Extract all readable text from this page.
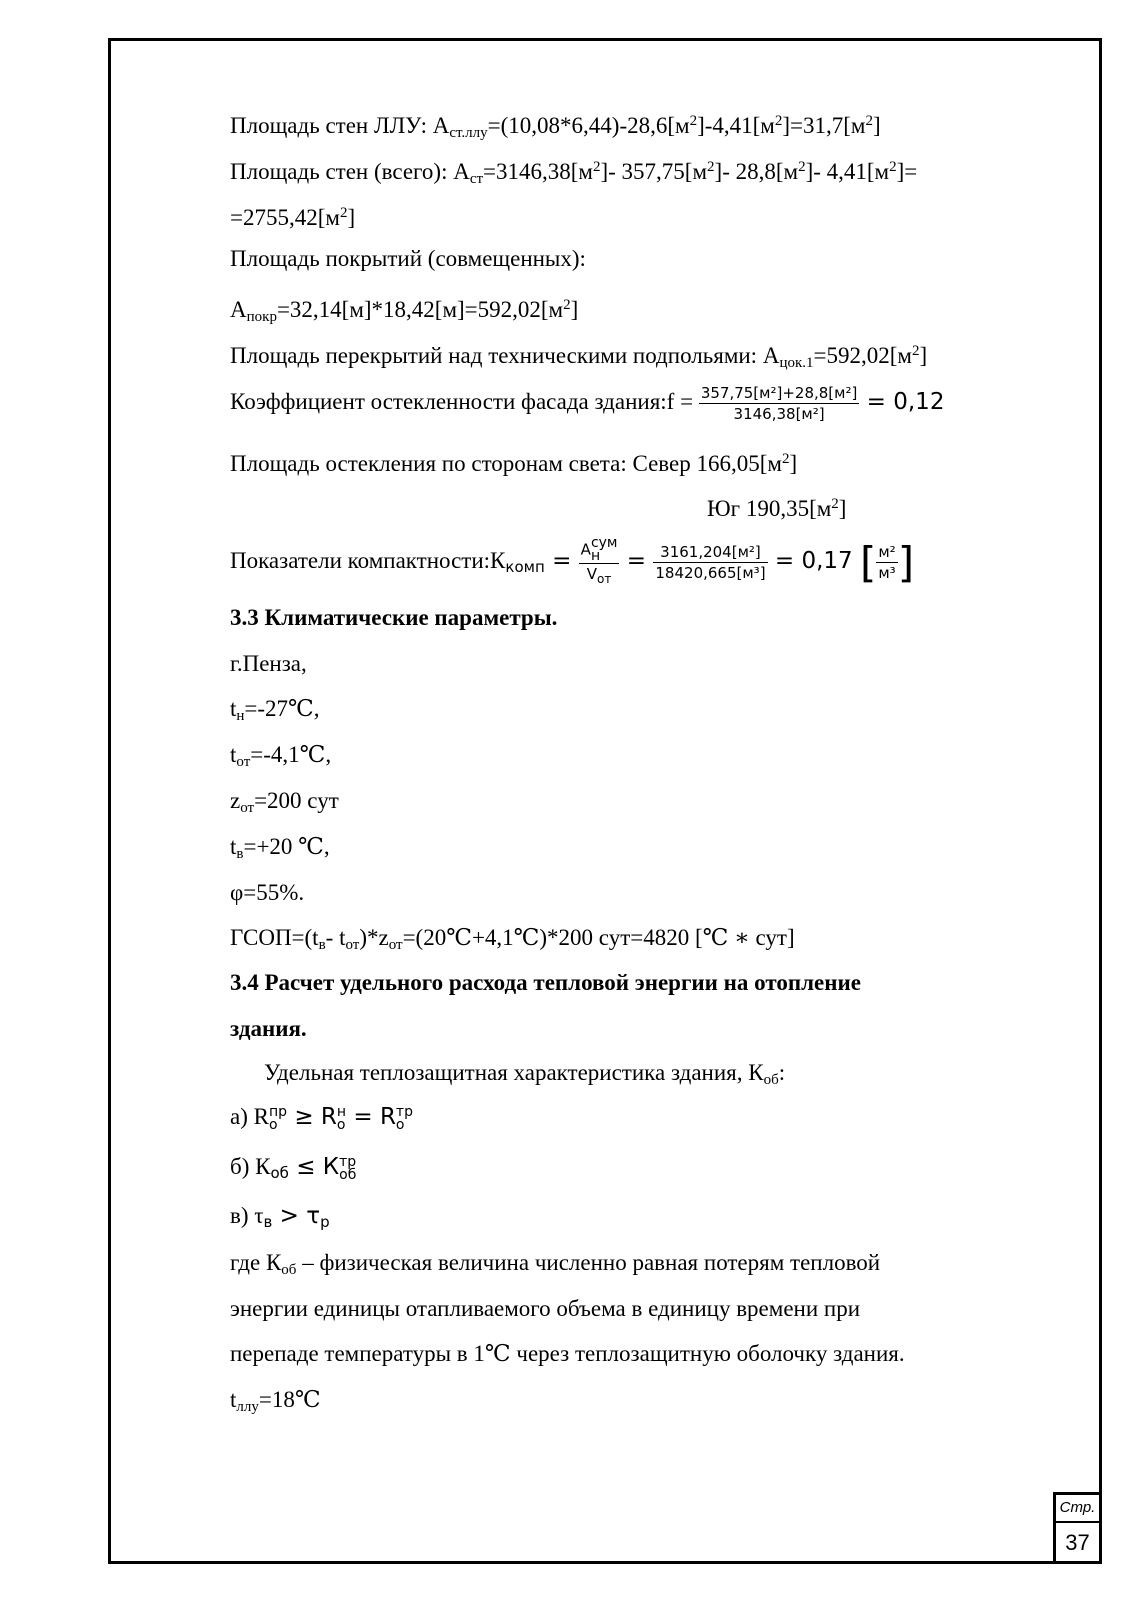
Площадь стен ЛЛУ: $А_{ст.ллу}=(10,08*6,44)-28,6[м^2]-4,41[м^2]=31,7[м^2]$
Площадь стен (всего): $А_{ст}=3146,38[м^2]-$ $357,75[м^2]-$ $28,8[м^2]-$ $4,41[м^2]=$
$=2755,42[м^2]$
Площадь покрытий (совмещенных):
$А_{покр}=32,14[м]*18,42[м]=592,02[м^2]$
Площадь перекрытий над техническими подпольями: $А_{цок.1}=592,02[м^2]$
Коэффициент остекленности фасада здания:f = $\frac{\text{357,75[м²]+28,8[м²]}}{\text{3146,38[м²]}} = 0,12$
Площадь остекления по сторонам света: Север $166,05[м^2]$
Юг $190,35[м^2]$
Показатели $компактности:К_{комп}$ = Асум
н
$V_{от}$
= $\frac{\text{3161,204[м²]}}{\text{18420,665[м³]}} = 0,17$ [ $\frac{\text{м²}}{\text{м³}}$ ]
3.3 Климатические параметры.
г.Пенза,
$t_н=-27℃$,
$t_{от}=-4,1℃$,
$z_{от}=200$ сут
$t_в=+20$ ℃,
φ=55%.
$ГСОП=(t_в-$ $t_{от})*z_{от}=(20℃+4,1℃)*200$ сут=4820 [℃ ∗ сут]
3.4 Расчет удельного расхода тепловой энергии на отопление
здания.
Удельная теплозащитная характеристика здания, $К_{об}$:
а) Rпр
о ≥ Rн
о = Rтр
о
б) $К_{об}$ ≤ Ктр
об
в) $\tau_в > \tau_р$
где $К_{об}$ – физическая величина численно равная потерям тепловой
энергии единицы отапливаемого объема в единицу времени при
перепаде температуры в 1℃ через теплозащитную оболочку здания.
$t_{ллу}=18℃$
Стр.
37
